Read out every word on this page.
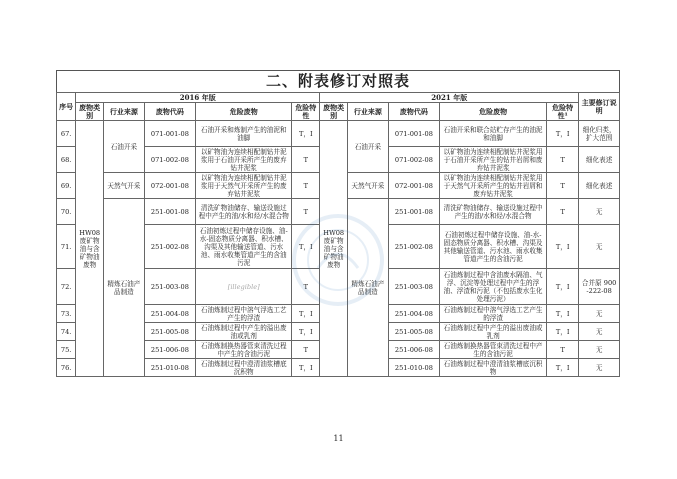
二、附表修订对照表
序号	2016 年版					2021 年版					主要修订说明
	废物类别	行业来源	废物代码	危险废物	危险特性	废物类别	行业来源	废物代码	危险废物	危险特性¹	
67.	HW08 废矿物油与含矿物油废物	石油开采	071-001-08	石油开采和炼制产生的油泥和油脚	T，I	HW08 废矿物油与含矿物油废物	石油开采	071-001-08	石油开采和联合站贮存产生的油泥和油脚	T，I	细化归类，扩大范围
68.			071-002-08	以矿物油为连续相配制钻井泥浆用于石油开采所产生的废弃钻井泥浆	T			071-002-08	以矿物油为连续相配制钻井泥浆用于石油开采所产生的钻井岩屑和废弃钻井泥浆	T	细化表述
69.		天然气开采	072-001-08	以矿物油为连续相配制钻井泥浆用于天然气开采所产生的废弃钻井泥浆	T		天然气开采	072-001-08	以矿物油为连续相配制钻井泥浆用于天然气开采所产生的钻井岩屑和废弃钻井泥浆	T	细化表述
70.		精炼石油产品制造	251-001-08	清洗矿物油储存、输送设施过程中产生的油/水和烃/水混合物	T		精炼石油产品制造	251-001-08	清洗矿物油储存、输送设施过程中产生的油/水和烃/水混合物	T	无
71.			251-002-08	石油初炼过程中储存设施、油-水-固态物质分离器、积水槽、沟渠及其他输送管道、污水池、雨水收集管道产生的含油污泥	T，I			251-002-08	石油初炼过程中储存设施、油-水-固态物质分离器、积水槽、沟渠及其他输送管道、污水池、雨水收集管道产生的含油污泥	T，I	无
72.			251-003-08	[illegible]	T			251-003-08	石油炼制过程中含油废水隔油、气浮、沉淀等处理过程中产生的浮油、浮渣和污泥（不包括废水生化处理污泥）	T，I	合并原 900-222-08
73.			251-004-08	石油炼制过程中溶气浮选工艺产生的浮渣	T，I			251-004-08	石油炼制过程中溶气浮选工艺产生的浮渣	T，I	无
74.			251-005-08	石油炼制过程中产生的溢出废油或乳剂	T，I			251-005-08	石油炼制过程中产生的溢出废油或乳剂	T，I	无
75.			251-006-08	石油炼制换热器管束清洗过程中产生的含油污泥	T			251-006-08	石油炼制换热器管束清洗过程中产生的含油污泥	T	无
76.			251-010-08	石油炼制过程中澄清油浆槽底沉积物	T，I			251-010-08	石油炼制过程中澄清油浆槽底沉积物	T，I	无
11
